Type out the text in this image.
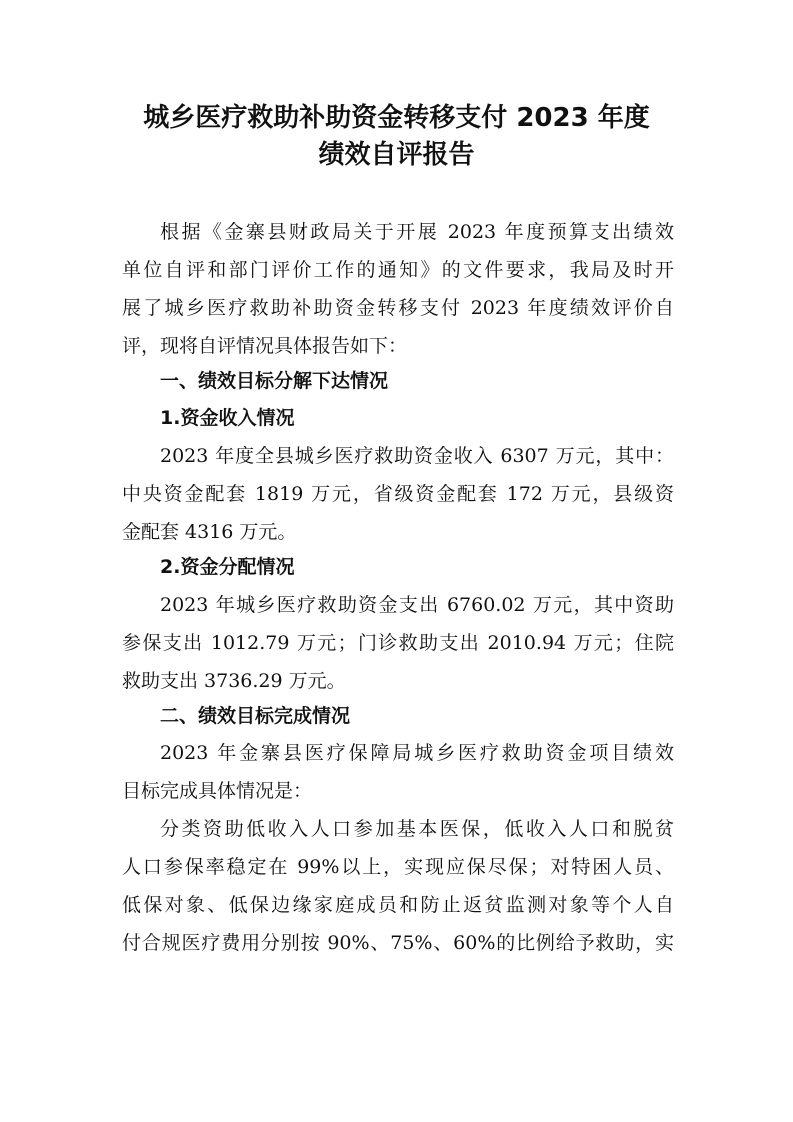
城乡医疗救助补助资金转移支付 2023 年度
绩效自评报告

根据《金寨县财政局关于开展 2023 年度预算支出绩效

单位自评和部门评价工作的通知》的文件要求，我局及时开

展了城乡医疗救助补助资金转移支付 2023 年度绩效评价自

评，现将自评情况具体报告如下：

一、绩效目标分解下达情况
1.资金收入情况

2023 年度全县城乡医疗救助资金收入 6307 万元，其中：

中央资金配套 1819 万元，省级资金配套 172 万元，县级资

金配套 4316 万元。

2.资金分配情况

2023 年城乡医疗救助资金支出 6760.02 万元，其中资助

参保支出 1012.79 万元；门诊救助支出 2010.94 万元；住院

救助支出 3736.29 万元。

二、绩效目标完成情况

2023 年金寨县医疗保障局城乡医疗救助资金项目绩效

目标完成具体情况是：

分类资助低收入人口参加基本医保，低收入人口和脱贫

人口参保率稳定在 99%以上，实现应保尽保；对特困人员、

低保对象、低保边缘家庭成员和防止返贫监测对象等个人自

付合规医疗费用分别按 90%、75%、60%的比例给予救助，实
